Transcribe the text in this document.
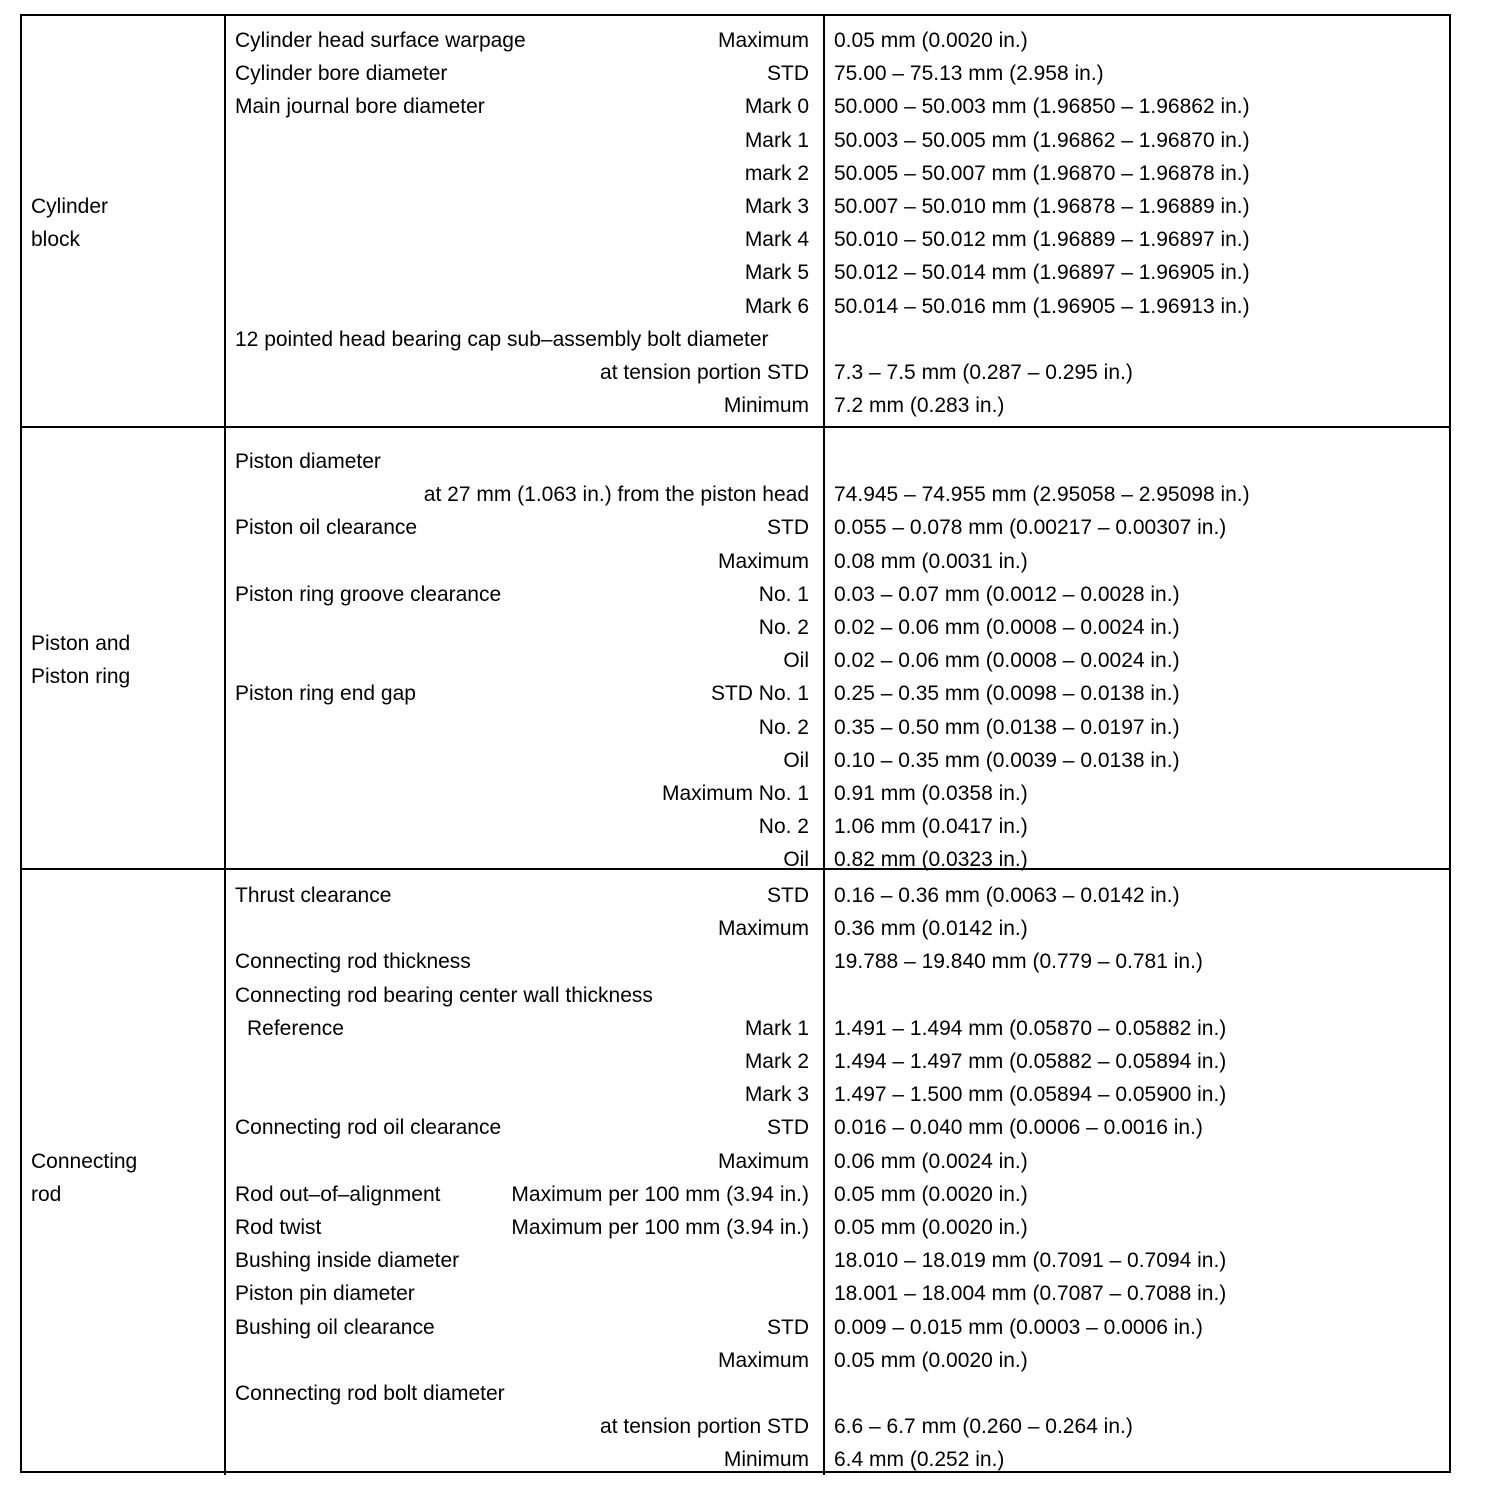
Cylinder
block
Cylinder head surface warpage	Maximum 0.05 mm (0.0020 in.)
Cylinder bore diameter	STD 75.00 – 75.13 mm (2.958 in.)
Main journal bore diameter	Mark 0 50.000 – 50.003 mm (1.96850 – 1.96862 in.)
Mark 1 50.003 – 50.005 mm (1.96862 – 1.96870 in.)
mark 2 50.005 – 50.007 mm (1.96870 – 1.96878 in.)
Mark 3 50.007 – 50.010 mm (1.96878 – 1.96889 in.)
Mark 4 50.010 – 50.012 mm (1.96889 – 1.96897 in.)
Mark 5 50.012 – 50.014 mm (1.96897 – 1.96905 in.)
Mark 6 50.014 – 50.016 mm (1.96905 – 1.96913 in.)
12 pointed head bearing cap sub–assembly bolt diameter
at tension portion STD 7.3 – 7.5 mm (0.287 – 0.295 in.)
Minimum 7.2 mm (0.283 in.)
Piston and
Piston ring
Piston diameter
at 27 mm (1.063 in.) from the piston head 74.945 – 74.955 mm (2.95058 – 2.95098 in.)
Piston oil clearance	STD 0.055 – 0.078 mm (0.00217 – 0.00307 in.)
Maximum 0.08 mm (0.0031 in.)
Piston ring groove clearance	No. 1 0.03 – 0.07 mm (0.0012 – 0.0028 in.)
No. 2 0.02 – 0.06 mm (0.0008 – 0.0024 in.)
Oil 0.02 – 0.06 mm (0.0008 – 0.0024 in.)
Piston ring end gap	STD No. 1 0.25 – 0.35 mm (0.0098 – 0.0138 in.)
No. 2 0.35 – 0.50 mm (0.0138 – 0.0197 in.)
Oil 0.10 – 0.35 mm (0.0039 – 0.0138 in.)
Maximum No. 1 0.91 mm (0.0358 in.)
No. 2 1.06 mm (0.0417 in.)
Oil 0.82 mm (0.0323 in.)
Connecting
rod
Thrust clearance	STD 0.16 – 0.36 mm (0.0063 – 0.0142 in.)
Maximum 0.36 mm (0.0142 in.)
Connecting rod thickness	19.788 – 19.840 mm (0.779 – 0.781 in.)
Connecting rod bearing center wall thickness
Reference	Mark 1 1.491 – 1.494 mm (0.05870 – 0.05882 in.)
Mark 2 1.494 – 1.497 mm (0.05882 – 0.05894 in.)
Mark 3 1.497 – 1.500 mm (0.05894 – 0.05900 in.)
Connecting rod oil clearance	STD 0.016 – 0.040 mm (0.0006 – 0.0016 in.)
Maximum 0.06 mm (0.0024 in.)
Rod out–of–alignment	Maximum per 100 mm (3.94 in.) 0.05 mm (0.0020 in.)
Rod twist	Maximum per 100 mm (3.94 in.) 0.05 mm (0.0020 in.)
Bushing inside diameter	18.010 – 18.019 mm (0.7091 – 0.7094 in.)
Piston pin diameter	18.001 – 18.004 mm (0.7087 – 0.7088 in.)
Bushing oil clearance	STD 0.009 – 0.015 mm (0.0003 – 0.0006 in.)
Maximum 0.05 mm (0.0020 in.)
Connecting rod bolt diameter
at tension portion STD 6.6 – 6.7 mm (0.260 – 0.264 in.)
Minimum 6.4 mm (0.252 in.)
